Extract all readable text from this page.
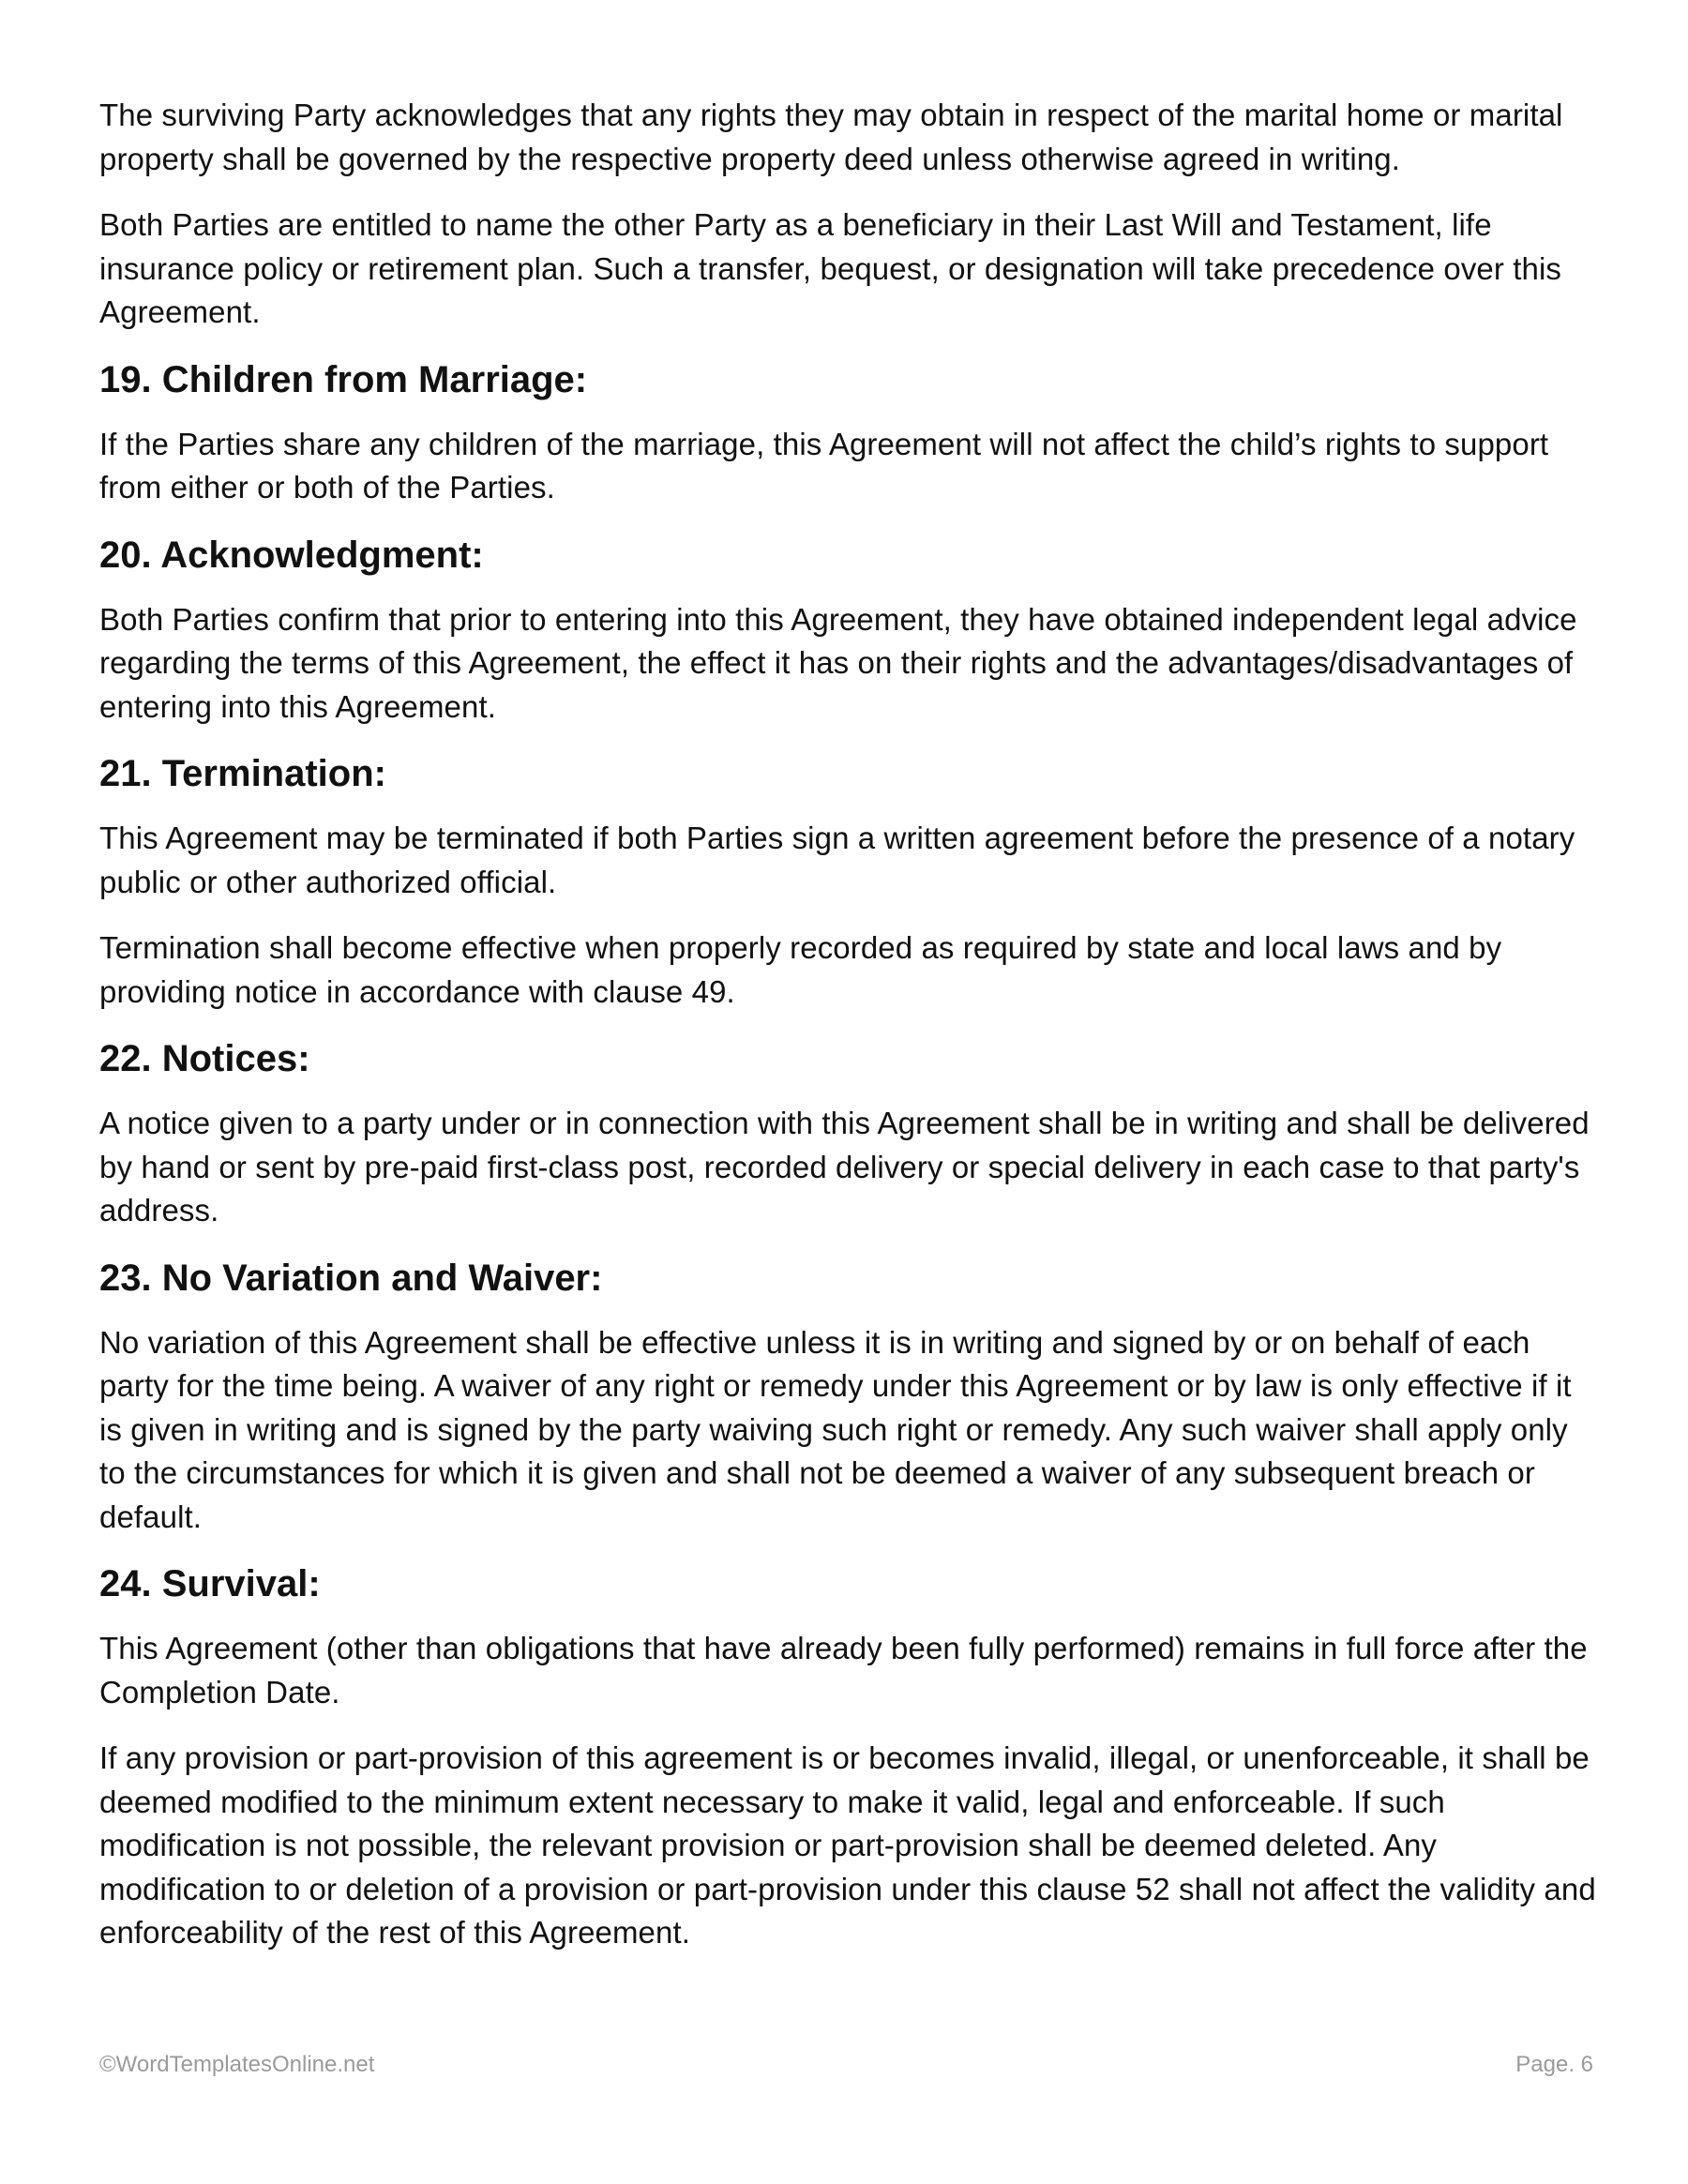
The surviving Party acknowledges that any rights they may obtain in respect of the marital home or marital property shall be governed by the respective property deed unless otherwise agreed in writing.

Both Parties are entitled to name the other Party as a beneficiary in their Last Will and Testament, life insurance policy or retirement plan. Such a transfer, bequest, or designation will take precedence over this Agreement.

19. Children from Marriage:

If the Parties share any children of the marriage, this Agreement will not affect the child’s rights to support from either or both of the Parties.

20. Acknowledgment:

Both Parties confirm that prior to entering into this Agreement, they have obtained independent legal advice regarding the terms of this Agreement, the effect it has on their rights and the advantages/disadvantages of entering into this Agreement.

21. Termination:

This Agreement may be terminated if both Parties sign a written agreement before the presence of a notary public or other authorized official.

Termination shall become effective when properly recorded as required by state and local laws and by providing notice in accordance with clause 49.

22. Notices:

A notice given to a party under or in connection with this Agreement shall be in writing and shall be delivered by hand or sent by pre-paid first-class post, recorded delivery or special delivery in each case to that party's address.

23. No Variation and Waiver:

No variation of this Agreement shall be effective unless it is in writing and signed by or on behalf of each party for the time being. A waiver of any right or remedy under this Agreement or by law is only effective if it is given in writing and is signed by the party waiving such right or remedy. Any such waiver shall apply only to the circumstances for which it is given and shall not be deemed a waiver of any subsequent breach or default.

24. Survival:

This Agreement (other than obligations that have already been fully performed) remains in full force after the Completion Date.

If any provision or part-provision of this agreement is or becomes invalid, illegal, or unenforceable, it shall be deemed modified to the minimum extent necessary to make it valid, legal and enforceable. If such modification is not possible, the relevant provision or part-provision shall be deemed deleted. Any modification to or deletion of a provision or part-provision under this clause 52 shall not affect the validity and enforceability of the rest of this Agreement.

©WordTemplatesOnline.net	Page. 6
